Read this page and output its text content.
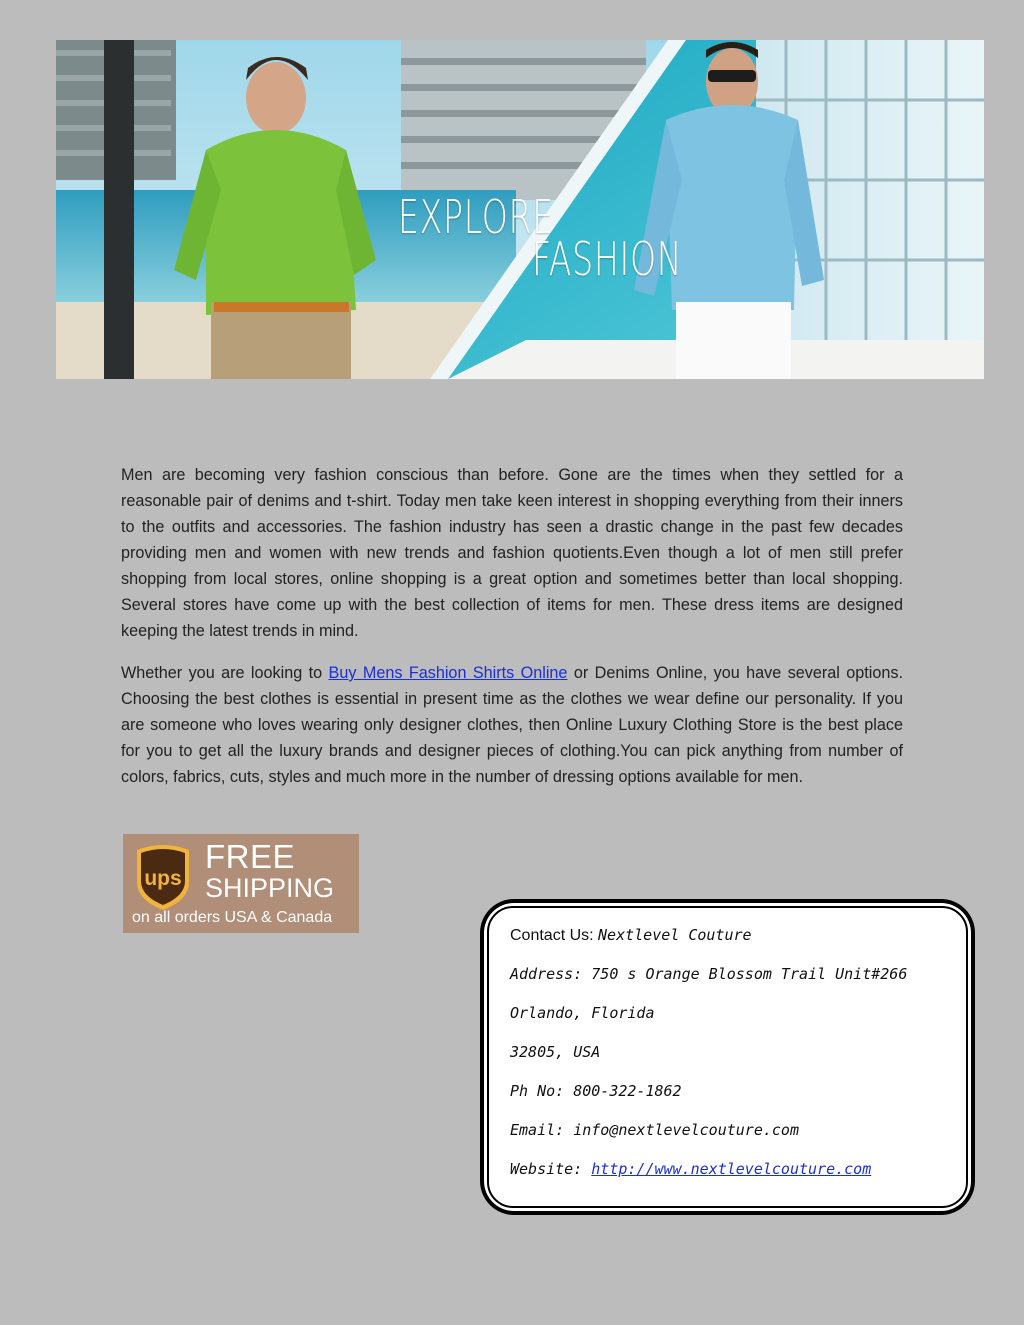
EXPLORE
FASHION

Men are becoming very fashion conscious than before. Gone are the times when they settled for a reasonable pair of denims and t-shirt. Today men take keen interest in shopping everything from their inners to the outfits and accessories. The fashion industry has seen a drastic change in the past few decades providing men and women with new trends and fashion quotients.Even though a lot of men still prefer shopping from local stores, online shopping is a great option and sometimes better than local shopping. Several stores have come up with the best collection of items for men. These dress items are designed keeping the latest trends in mind.

Whether you are looking to Buy Mens Fashion Shirts Online or Denims Online, you have several options. Choosing the best clothes is essential in present time as the clothes we wear define our personality. If you are someone who loves wearing only designer clothes, then Online Luxury Clothing Store is the best place for you to get all the luxury brands and designer pieces of clothing.You can pick anything from number of colors, fabrics, cuts, styles and much more in the number of dressing options available for men.

ups
FREE
SHIPPING
on all orders USA & Canada
Contact Us: Nextlevel Couture
Address: 750 s Orange Blossom Trail Unit#266
Orlando, Florida
32805, USA
Ph No: 800-322-1862
Email: info@nextlevelcouture.com
Website: http://www.nextlevelcouture.com
